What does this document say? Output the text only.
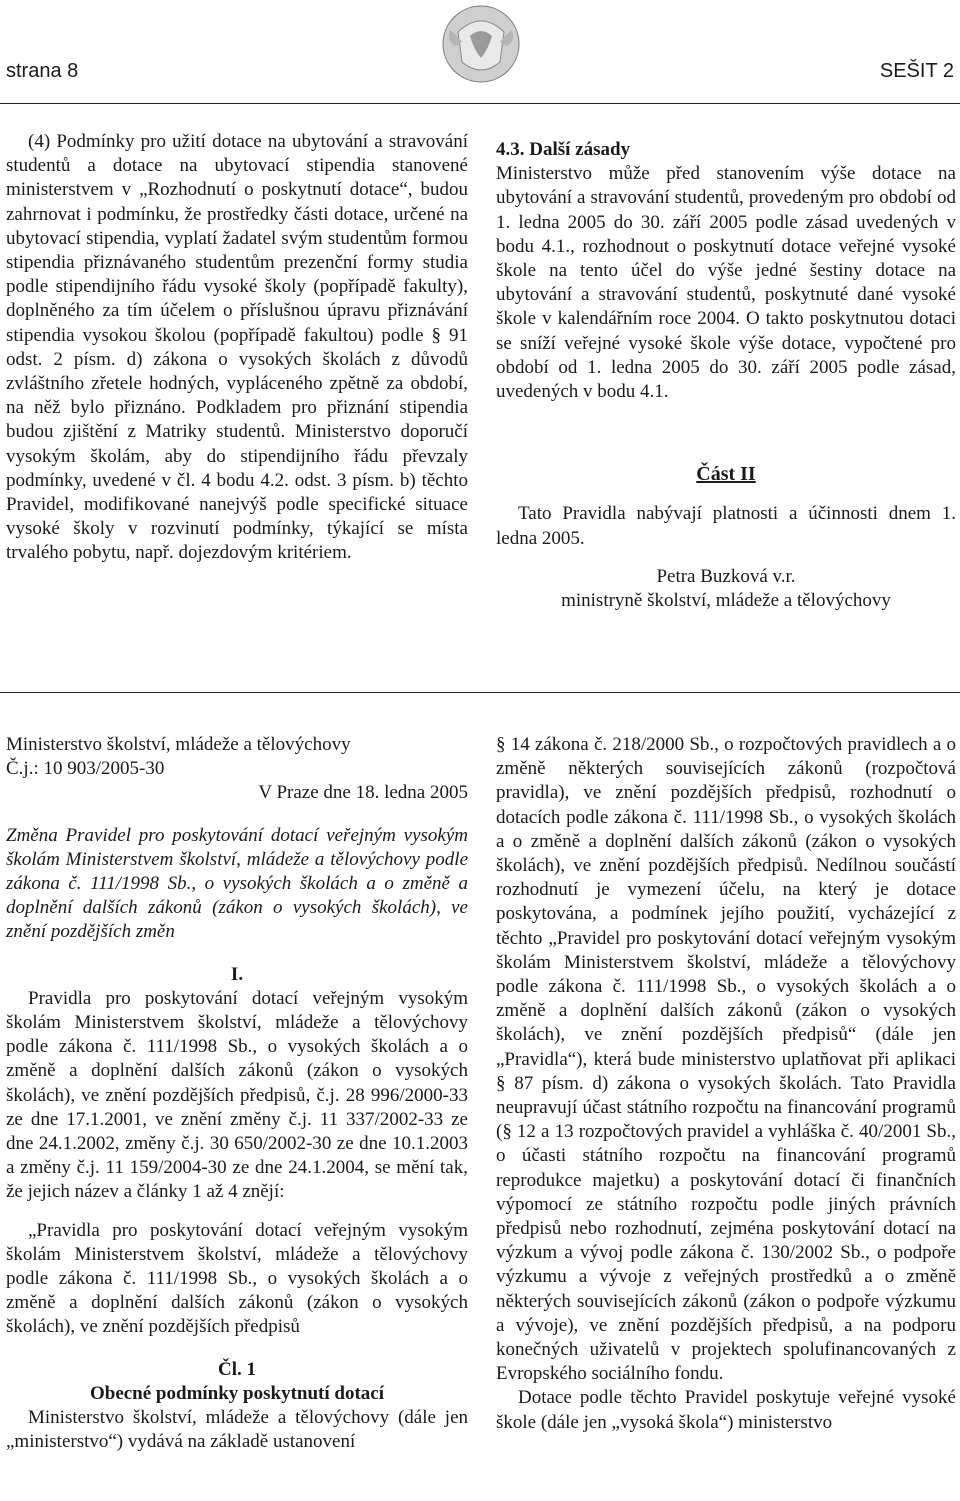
strana 8	SEŠIT 2

(4) Podmínky pro užití dotace na ubytování a stravování studentů a dotace na ubytovací stipendia stanovené ministerstvem v „Rozhodnutí o poskytnutí dotace“, budou zahrnovat i podmínku, že prostředky části dotace, určené na ubytovací stipendia, vyplatí žadatel svým studentům formou stipendia přiznávaného studentům prezenční formy studia podle stipendijního řádu vysoké školy (popřípadě fakulty), doplněného za tím účelem o příslušnou úpravu přiznávání stipendia vysokou školou (popřípadě fakultou) podle § 91 odst. 2 písm. d) zákona o vysokých školách z důvodů zvláštního zřetele hodných, vypláceného zpětně za období, na něž bylo přiznáno. Podkladem pro přiznání stipendia budou zjištění z Matriky studentů. Ministerstvo doporučí vysokým školám, aby do stipendijního řádu převzaly podmínky, uvedené v čl. 4 bodu 4.2. odst. 3 písm. b) těchto Pravidel, modifikované nanejvýš podle specifické situace vysoké školy v rozvinutí podmínky, týkající se místa trvalého pobytu, např. dojezdovým kritériem.

4.3. Další zásady

Ministerstvo může před stanovením výše dotace na ubytování a stravování studentů, provedeným pro období od 1. ledna 2005 do 30. září 2005 podle zásad uvedených v bodu 4.1., rozhodnout o poskytnutí dotace veřejné vysoké škole na tento účel do výše jedné šestiny dotace na ubytování a stravování studentů, poskytnuté dané vysoké škole v kalendářním roce 2004. O takto poskytnutou dotaci se sníží veřejné vysoké škole výše dotace, vypočtené pro období od 1. ledna 2005 do 30. září 2005 podle zásad, uvedených v bodu 4.1.

Část II

Tato Pravidla nabývají platnosti a účinnosti dnem 1. ledna 2005.

Petra Buzková v.r.

ministryně školství, mládeže a tělovýchovy

Ministerstvo školství, mládeže a tělovýchovy

Č.j.: 10 903/2005-30

V Praze dne 18. ledna 2005

Změna Pravidel pro poskytování dotací veřejným vysokým školám Ministerstvem školství, mládeže a tělovýchovy podle zákona č. 111/1998 Sb., o vysokých školách a o změně a doplnění dalších zákonů (zákon o vysokých školách), ve znění pozdějších změn

I.

Pravidla pro poskytování dotací veřejným vysokým školám Ministerstvem školství, mládeže a tělovýchovy podle zákona č. 111/1998 Sb., o vysokých školách a o změně a doplnění dalších zákonů (zákon o vysokých školách), ve znění pozdějších předpisů, č.j. 28 996/2000-33 ze dne 17.1.2001, ve znění změny č.j. 11 337/2002-33 ze dne 24.1.2002, změny č.j. 30 650/2002-30 ze dne 10.1.2003 a změny č.j. 11 159/2004-30 ze dne 24.1.2004, se mění tak, že jejich název a články 1 až 4 znějí:

„Pravidla pro poskytování dotací veřejným vysokým školám Ministerstvem školství, mládeže a tělovýchovy podle zákona č. 111/1998 Sb., o vysokých školách a o změně a doplnění dalších zákonů (zákon o vysokých školách), ve znění pozdějších předpisů

Čl. 1

Obecné podmínky poskytnutí dotací

Ministerstvo školství, mládeže a tělovýchovy (dále jen „ministerstvo“) vydává na základě ustanovení

§ 14 zákona č. 218/2000 Sb., o rozpočtových pravidlech a o změně některých souvisejících zákonů (rozpočtová pravidla), ve znění pozdějších předpisů, rozhodnutí o dotacích podle zákona č. 111/1998 Sb., o vysokých školách a o změně a doplnění dalších zákonů (zákon o vysokých školách), ve znění pozdějších předpisů. Nedílnou součástí rozhodnutí je vymezení účelu, na který je dotace poskytována, a podmínek jejího použití, vycházející z těchto „Pravidel pro poskytování dotací veřejným vysokým školám Ministerstvem školství, mládeže a tělovýchovy podle zákona č. 111/1998 Sb., o vysokých školách a o změně a doplnění dalších zákonů (zákon o vysokých školách), ve znění pozdějších předpisů“ (dále jen „Pravidla“), která bude ministerstvo uplatňovat při aplikaci § 87 písm. d) zákona o vysokých školách. Tato Pravidla neupravují účast státního rozpočtu na financování programů (§ 12 a 13 rozpočtových pravidel a vyhláška č. 40/2001 Sb., o účasti státního rozpočtu na financování programů reprodukce majetku) a poskytování dotací či finančních výpomocí ze státního rozpočtu podle jiných právních předpisů nebo rozhodnutí, zejména poskytování dotací na výzkum a vývoj podle zákona č. 130/2002 Sb., o podpoře výzkumu a vývoje z veřejných prostředků a o změně některých souvisejících zákonů (zákon o podpoře výzkumu a vývoje), ve znění pozdějších předpisů, a na podporu konečných uživatelů v projektech spolufinancovaných z Evropského sociálního fondu.

Dotace podle těchto Pravidel poskytuje veřejné vysoké škole (dále jen „vysoká škola“) ministerstvo
